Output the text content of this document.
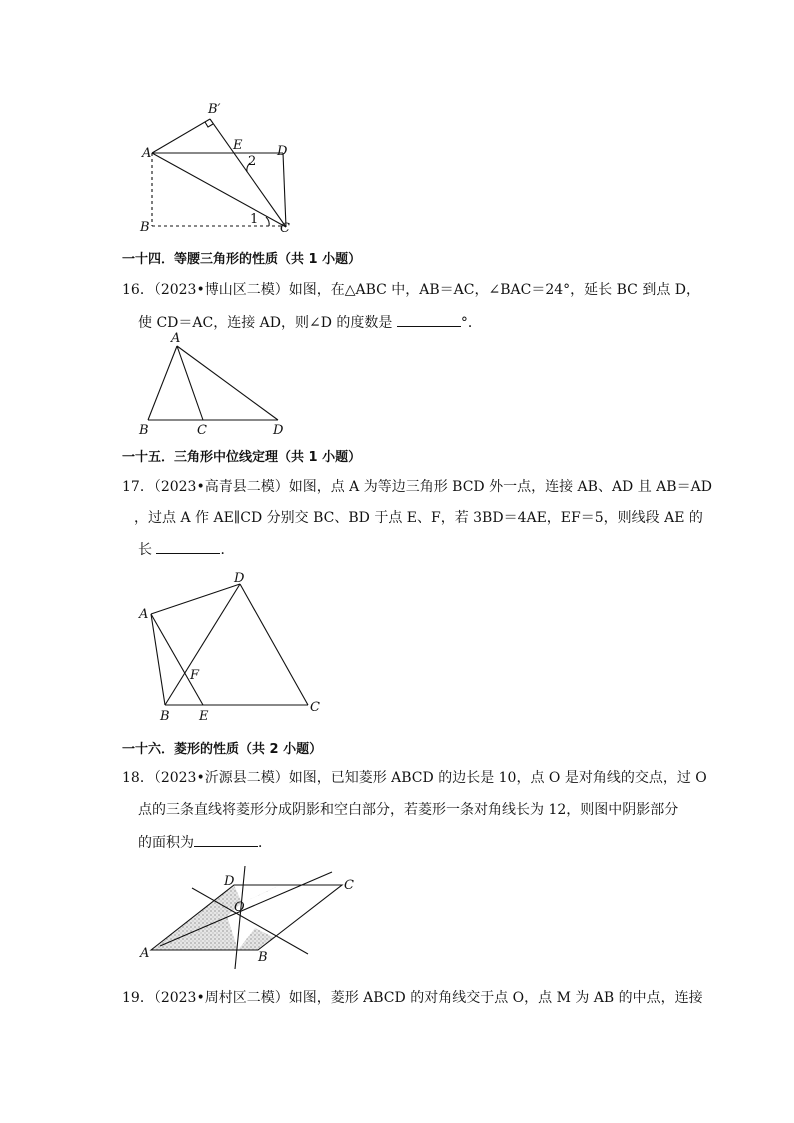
A
B′
E	D
2
B
1
C
一十四．等腰三角形的性质（共 1 小题）
16．（2023•博山区二模）如图，在△ABC 中，AB＝AC，∠BAC＝24°，延长 BC 到点 D，
使 CD＝AC，连接 AD，则∠D 的度数是	°．
A
B	C	D
一十五．三角形中位线定理（共 1 小题）
17．（2023•高青县二模）如图，点 A 为等边三角形 BCD 外一点，连接 AB、AD 且 AB＝AD
，过点 A 作 AE∥CD 分别交 BC、BD 于点 E、F，若 3BD＝4AE，EF＝5，则线段 AE 的
长	．
D
A
F
B E
C
一十六．菱形的性质（共 2 小题）
18．（2023•沂源县二模）如图，已知菱形 ABCD 的边长是 10，点 O 是对角线的交点，过 O
点的三条直线将菱形分成阴影和空白部分，若菱形一条对角线长为 12，则图中阴影部分
的面积为	．
D	C
O
A	B
19．（2023•周村区二模）如图，菱形 ABCD 的对角线交于点 O，点 M 为 AB 的中点，连接
